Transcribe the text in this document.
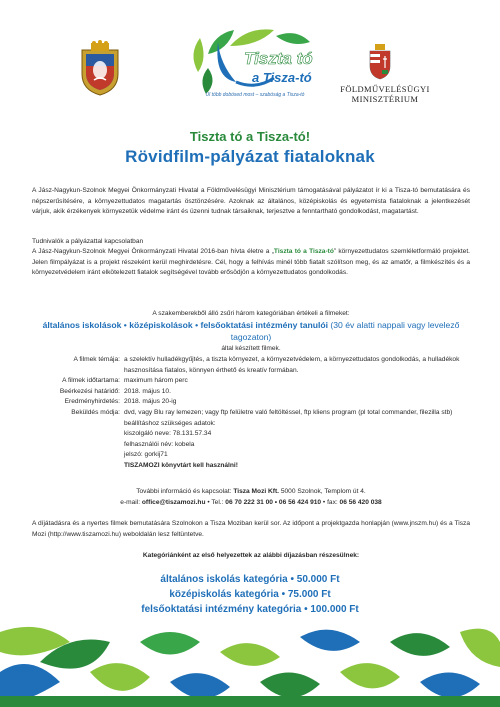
Tiszta tó
a Tisza-tó
Ul több dobósed most – szabóság a Tisza-tó
FÖLDMŰVELÉSÜGYI
MINISZTÉRIUM
Tiszta tó a Tisza-tó!
Rövidfilm-pályázat fiataloknak
A Jász-Nagykun-Szolnok Megyei Önkormányzati Hivatal a Földművelésügyi Minisztérium támogatásával pályázatot ír ki a Tisza-tó bemutatására és népszerűsítésére, a környezettudatos magatartás ösztönzésére. Azoknak az általános, középiskolás és egyetemista fiataloknak a jelentkezését várjuk, akik érzékenyek környezetük védelme iránt és üzenni tudnak társaiknak, terjesztve a fenntartható gondolkodást, magatartást.
Tudnivalók a pályázattal kapcsolatban
A Jász-Nagykun-Szolnok Megyei Önkormányzati Hivatal 2016-ban hívta életre a „Tiszta tó a Tisza-tó” környezettudatos szemléletformáló projektet. Jelen filmpályázat is a projekt részeként kerül meghirdetésre. Cél, hogy a felhívás minél több fiatalt szólítson meg, és az amatőr, a filmkészítés és a környezetvédelem iránt elkötelezett fiatalok segítségével tovább erősödjön a környezettudatos gondolkodás.
A szakemberekből álló zsűri három kategóriában értékeli a filmeket:
általános iskolások • középiskolások • felsőoktatási intézmény tanulói (30 év alatti nappali vagy levelező tagozaton)
által készített filmek.
A filmek témája: a szelektív hulladékgyűjtés, a tiszta környezet, a környezetvédelem, a környezettudatos gondolkodás, a hulladékok hasznosítása fiatalos, könnyen érthető és kreatív formában.
A filmek időtartama: maximum három perc
Beérkezési határidő: 2018. május 10.
Eredményhirdetés: 2018. május 20-ig
Beküldés módja: dvd, vagy Blu ray lemezen; vagy ftp felületre való feltöltéssel, ftp kliens program (pl total commander, filezilla stb) beállításhoz szükséges adatok:
kiszolgáló neve: 78.131.57.34
felhasználói név: kobela
jelszó: gorkij71
TISZAMOZI könyvtárt kell használni!
További információ és kapcsolat: Tisza Mozi Kft. 5000 Szolnok, Templom út 4.
e-mail: office@tiszamozi.hu • Tel.: 06 70 222 31 00 • 06 56 424 910 • fax: 06 56 420 038
A díjátadásra és a nyertes filmek bemutatására Szolnokon a Tisza Moziban kerül sor. Az időpont a projektgazda honlapján (www.jnszm.hu) és a Tisza Mozi (http://www.tiszamozi.hu) weboldalán lesz feltüntetve.
Kategóriánként az első helyezettek az alábbi díjazásban részesülnek:
általános iskolás kategória • 50.000 Ft
középiskolás kategória • 75.000 Ft
felsőoktatási intézmény kategória • 100.000 Ft
